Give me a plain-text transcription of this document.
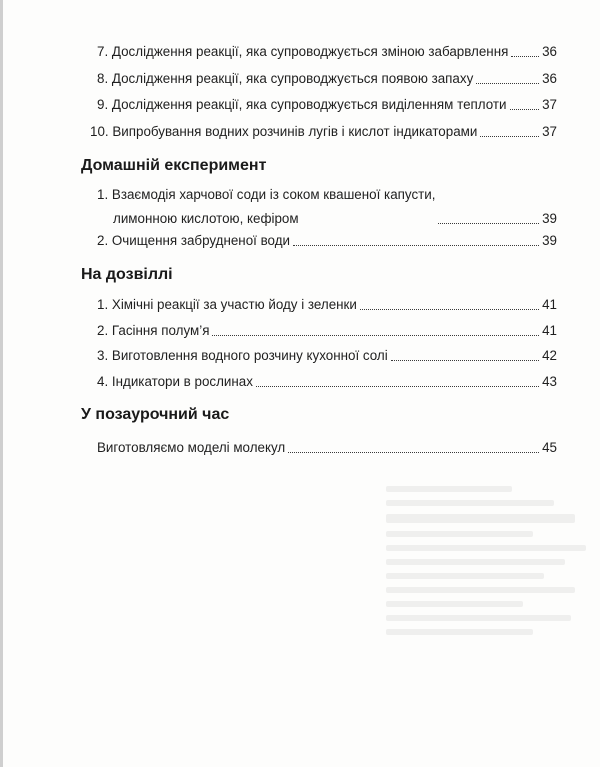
7. Дослідження реакції, яка супроводжується зміною забарвлення	36
8. Дослідження реакції, яка супроводжується появою запаху	36
9. Дослідження реакції, яка супроводжується виділенням теплоти	37
10. Випробування водних розчинів лугів і кислот індикаторами	37
Домашній експеримент
1. Взаємодія харчової соди із соком квашеної капусти,
лимонною кислотою, кефіром	39
2. Очищення забрудненої води	39
На дозвіллі
1. Хімічні реакції за участю йоду і зеленки	41
2. Гасіння полум’я	41
3. Виготовлення водного розчину кухонної солі	42
4. Індикатори в рослинах	43
У позаурочний час
Виготовляємо моделі молекул	45
